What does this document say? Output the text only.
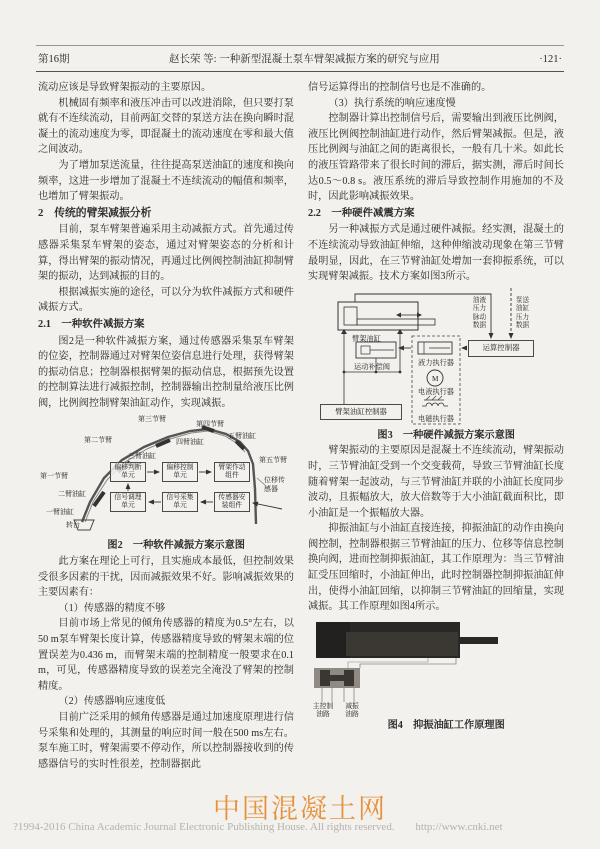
第16期	赵长荣 等: 一种新型混凝土泵车臂架减振方案的研究与应用	·121·

流动应该是导致臂架振动的主要原因。

机械固有频率和液压冲击可以改进消除，但只要打泵就有不连续流动，目前两缸交替的泵送方法在换向瞬时混凝土的流动速度为零，即混凝土的流动速度在零和最大值之间波动。

为了增加泵送流量，往往提高泵送油缸的速度和换向频率，这进一步增加了混凝土不连续流动的幅值和频率，也增加了臂架振动。

2　传统的臂架减振分析

目前，泵车臂架普遍采用主动减振方式。首先通过传感器采集泵车臂架的姿态，通过对臂架姿态的分析和计算，得出臂架的振动情况，再通过比例阀控制油缸抑制臂架的振动，达到减振的目的。

根据减振实施的途径，可以分为软件减振方式和硬件减振方式。

2.1　一种软件减振方案

图2是一种软件减振方案，通过传感器采集泵车臂架的位姿，控制器通过对臂架位姿信息进行处理，获得臂架的振动信息；控制器根据臂架的振动信息，根据预先设置的控制算法进行减振控制，控制器输出控制量给液压比例阀，比例阀控制臂架油缸动作，实现减振。

第三节臂
第四节臂
五臂油缸
第二节臂	四臂油缸
三臂油缸	第五节臂
第一节臂	位移传感器
二臂油缸
一臂油缸
转台
偏移判断单元
偏移控制单元
臂架作动组件
信号调理单元
信号采集单元
传感器安装组件

图2　一种软件减振方案示意图

此方案在理论上可行，且实施成本最低，但控制效果受很多因素的干扰，因而减振效果不好。影响减振效果的主要因素有：

（1）传感器的精度不够

目前市场上常见的倾角传感器的精度为0.5°左右，以50 m泵车臂架长度计算，传感器精度导致的臂架末端的位置误差为0.436 m，而臂架末端的控制精度一般要求在0.1 m，可见，传感器精度导致的误差完全淹没了臂架的控制精度。

（2）传感器响应速度低

目前广泛采用的倾角传感器是通过加速度原理进行信号采集和处理的，其测量的响应时间一般在500 ms左右。泵车施工时，臂架需要不停动作，所以控制器接收到的传感器信号的实时性很差，控制器据此

信号运算得出的控制信号也是不准确的。

（3）执行系统的响应速度慢

控制器计算出控制信号后，需要输出到液压比例阀，液压比例阀控制油缸进行动作，然后臂架减振。但是，液压比例阀与油缸之间的距离很长，一般有几十米。如此长的液压管路带来了很长时间的滞后，据实测，滞后时间长达0.5～0.8 s。液压系统的滞后导致控制作用施加的不及时，因此影响减振效果。

2.2　一种硬件减震方案

另一种减振方式是通过硬件减振。经实测，混凝土的不连续流动导致油缸伸缩，这种伸缩波动现象在第三节臂最明显，因此，在三节臂油缸处增加一套抑振系统，可以实现臂架减振。技术方案如图3所示。

臂架油缸
运动补偿阀	液力执行器
M
电液执行器
电磁执行器
运算控制器
臂架油缸控制器
油液压力脉动数据
泵送油缸压力数据

图3　一种硬件减振方案示意图

臂架振动的主要原因是混凝土不连续流动，臂架振动时，三节臂油缸受到一个交变载荷，导致三节臂油缸长度随着臂架一起波动，与三节臂油缸并联的小油缸长度同步波动，且振幅放大，放大倍数等于大小油缸截面积比，即小油缸是一个振幅放大器。

抑振油缸与小油缸直接连接，抑振油缸的动作由换向阀控制，控制器根据三节臂油缸的压力、位移等信息控制换向阀，进而控制抑振油缸，其工作原理为：当三节臂油缸受压回缩时，小油缸伸出，此时控制器控制抑振油缸伸出，使得小油缸回缩，以抑制三节臂油缸的回缩量，实现减振。其工作原理如图4所示。

主控制油路
减振油路

图4　抑振油缸工作原理图

中国混凝土网
?1994-2016 China Academic Journal Electronic Publishing House. All rights reserved. http://www.cnki.net
